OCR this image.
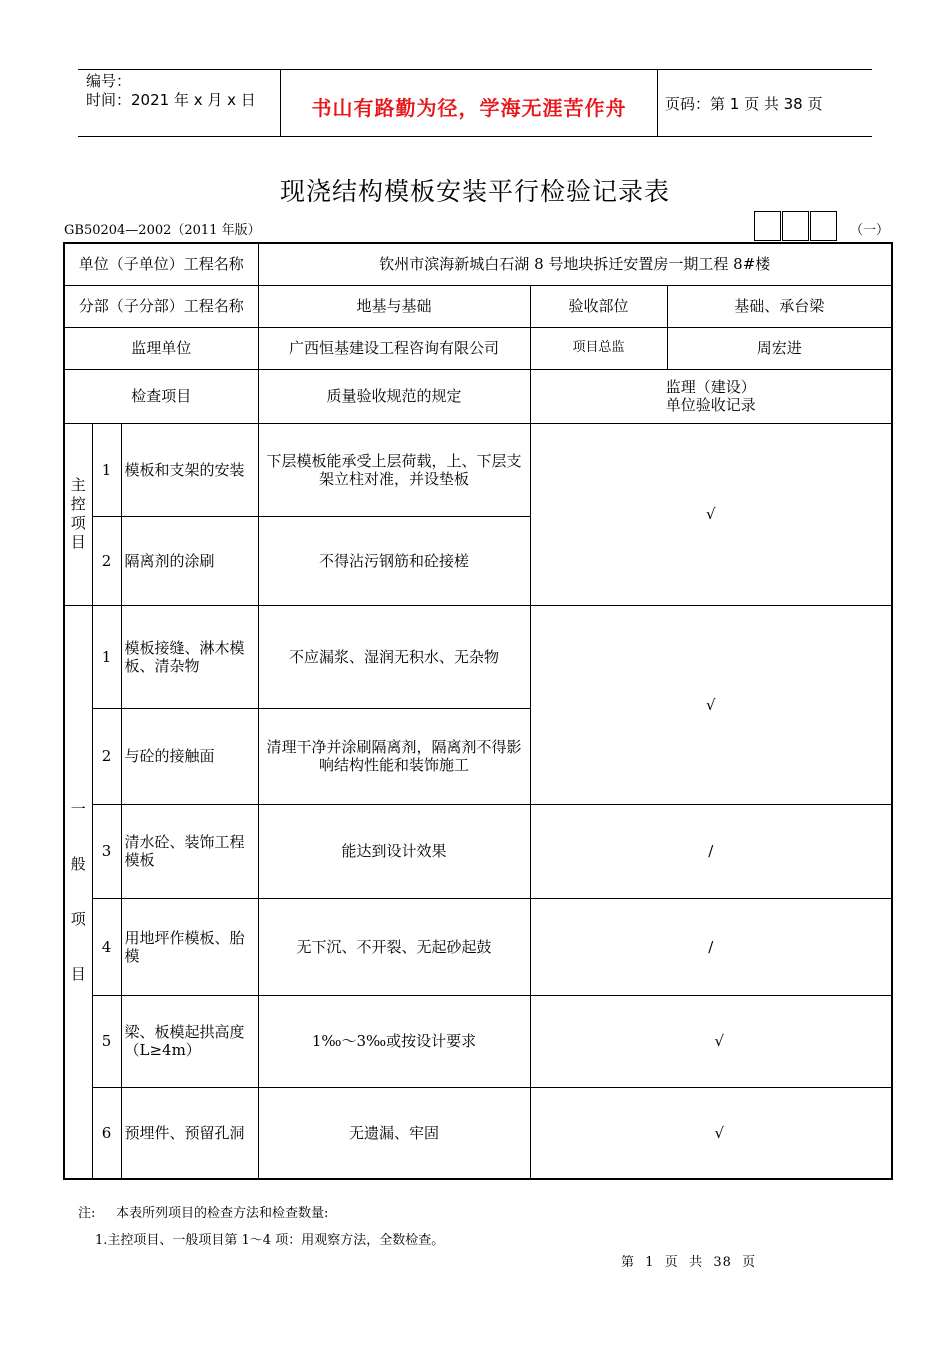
编号：
时间：2021 年 x 月 x 日	书山有路勤为径，学海无涯苦作舟	页码：第 1 页 共 38 页
现浇结构模板安装平行检验记录表
GB50204—2002（2011 年版）	（一）
单位（子单位）工程名称			钦州市滨海新城白石湖 8 号地块拆迁安置房一期工程 8#楼		
分部（子分部）工程名称			地基与基础	验收部位	基础、承台梁
监理单位			广西恒基建设工程咨询有限公司	项目总监	周宏进
检查项目			质量验收规范的规定	监理（建设）
单位验收记录	

主
控
项
目	1	模板和支架的安装	下层模板能承受上层荷载，上、下层支架立柱对准，并设垫板	√	
	2	隔离剂的涂刷	不得沾污钢筋和砼接槎		

一
般
项
目	1	模板接缝、淋木模板、清杂物	不应漏浆、湿润无积水、无杂物	√	
	2	与砼的接触面	清理干净并涂刷隔离剂，隔离剂不得影响结构性能和装饰施工		
	3	清水砼、装饰工程模板	能达到设计效果	/	
	4	用地坪作模板、胎模	无下沉、不开裂、无起砂起鼓	/	
	5	梁、板模起拱高度（L≥4m）	1‰～3‰或按设计要求	√	
	6	预埋件、预留孔洞	无遗漏、牢固	√	
注:     本表所列项目的检查方法和检查数量:
1.主控项目、一般项目第 1～4 项：用观察方法，全数检查。
第  1  页  共  38  页
